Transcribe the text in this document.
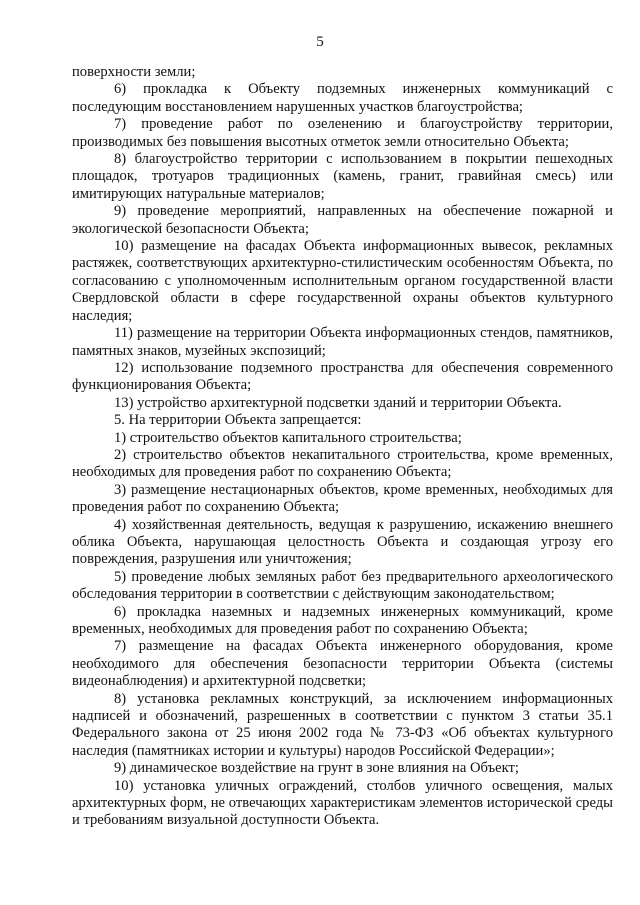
5

поверхности земли;

6) прокладка к Объекту подземных инженерных коммуникаций с последующим восстановлением нарушенных участков благоустройства;

7) проведение работ по озеленению и благоустройству территории, производимых без повышения высотных отметок земли относительно Объекта;

8) благоустройство территории с использованием в покрытии пешеходных площадок, тротуаров традиционных (камень, гранит, гравийная смесь) или имитирующих натуральные материалов;

9) проведение мероприятий, направленных на обеспечение пожарной и экологической безопасности Объекта;

10) размещение на фасадах Объекта информационных вывесок, рекламных растяжек, соответствующих архитектурно-стилистическим особенностям Объекта, по согласованию с уполномоченным исполнительным органом государственной власти Свердловской области в сфере государственной охраны объектов культурного наследия;

11) размещение на территории Объекта информационных стендов, памятников, памятных знаков, музейных экспозиций;

12) использование подземного пространства для обеспечения современного функционирования Объекта;

13) устройство архитектурной подсветки зданий и территории Объекта.

5. На территории Объекта запрещается:

1) строительство объектов капитального строительства;

2) строительство объектов некапитального строительства, кроме временных, необходимых для проведения работ по сохранению Объекта;

3) размещение нестационарных объектов, кроме временных, необходимых для проведения работ по сохранению Объекта;

4) хозяйственная деятельность, ведущая к разрушению, искажению внешнего облика Объекта, нарушающая целостность Объекта и создающая угрозу его повреждения, разрушения или уничтожения;

5) проведение любых земляных работ без предварительного археологического обследования территории в соответствии с действующим законодательством;

6) прокладка наземных и надземных инженерных коммуникаций, кроме временных, необходимых для проведения работ по сохранению Объекта;

7) размещение на фасадах Объекта инженерного оборудования, кроме необходимого для обеспечения безопасности территории Объекта (системы видеонаблюдения) и архитектурной подсветки;

8) установка рекламных конструкций, за исключением информационных надписей и обозначений, разрешенных в соответствии с пунктом 3 статьи 35.1 Федерального закона от 25 июня 2002 года № 73-ФЗ «Об объектах культурного наследия (памятниках истории и культуры) народов Российской Федерации»;

9) динамическое воздействие на грунт в зоне влияния на Объект;

10) установка уличных ограждений, столбов уличного освещения, малых архитектурных форм, не отвечающих характеристикам элементов исторической среды и требованиям визуальной доступности Объекта.
